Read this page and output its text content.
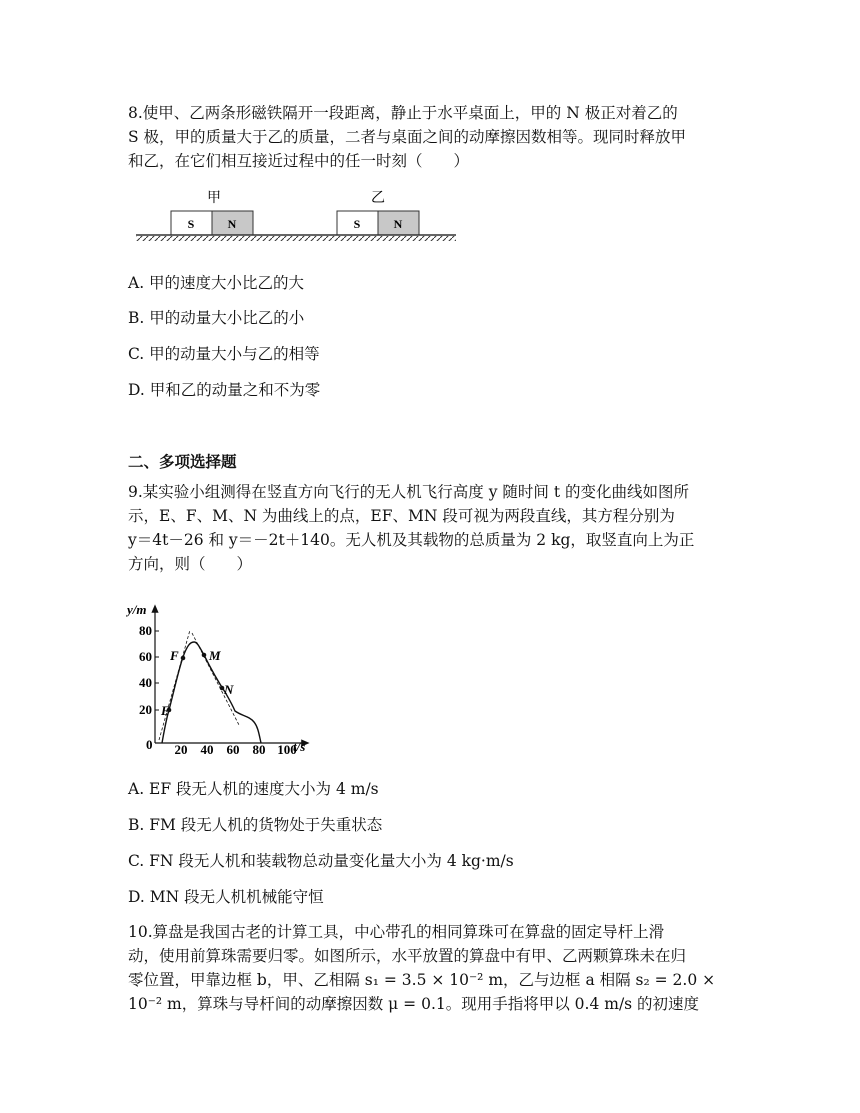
8.使甲、乙两条形磁铁隔开一段距离，静止于水平桌面上，甲的 N 极正对着乙的
S 极，甲的质量大于乙的质量，二者与桌面之间的动摩擦因数相等。现同时释放甲
和乙，在它们相互接近过程中的任一时刻（　　）
甲	乙
S	N	S	N
A. 甲的速度大小比乙的大
B. 甲的动量大小比乙的小
C. 甲的动量大小与乙的相等
D. 甲和乙的动量之和不为零
二、多项选择题
9.某实验小组测得在竖直方向飞行的无人机飞行高度 y 随时间 t 的变化曲线如图所
示，E、F、M、N 为曲线上的点，EF、MN 段可视为两段直线，其方程分别为
y＝4t－26 和 y＝－2t＋140。无人机及其载物的总质量为 2 kg，取竖直向上为正
方向，则（　　）
y/m
t/s
0
20
40
60
80
20 40 60 80 100
E
F M
N
A. EF 段无人机的速度大小为 4 m/s
B. FM 段无人机的货物处于失重状态
C. FN 段无人机和装载物总动量变化量大小为 4 kg·m/s
D. MN 段无人机机械能守恒
10.算盘是我国古老的计算工具，中心带孔的相同算珠可在算盘的固定导杆上滑
动，使用前算珠需要归零。如图所示，水平放置的算盘中有甲、乙两颗算珠未在归
零位置，甲靠边框 b，甲、乙相隔 s₁ = 3.5 × 10⁻² m，乙与边框 a 相隔 s₂ = 2.0 ×
10⁻² m，算珠与导杆间的动摩擦因数 μ = 0.1。现用手指将甲以 0.4 m/s 的初速度
